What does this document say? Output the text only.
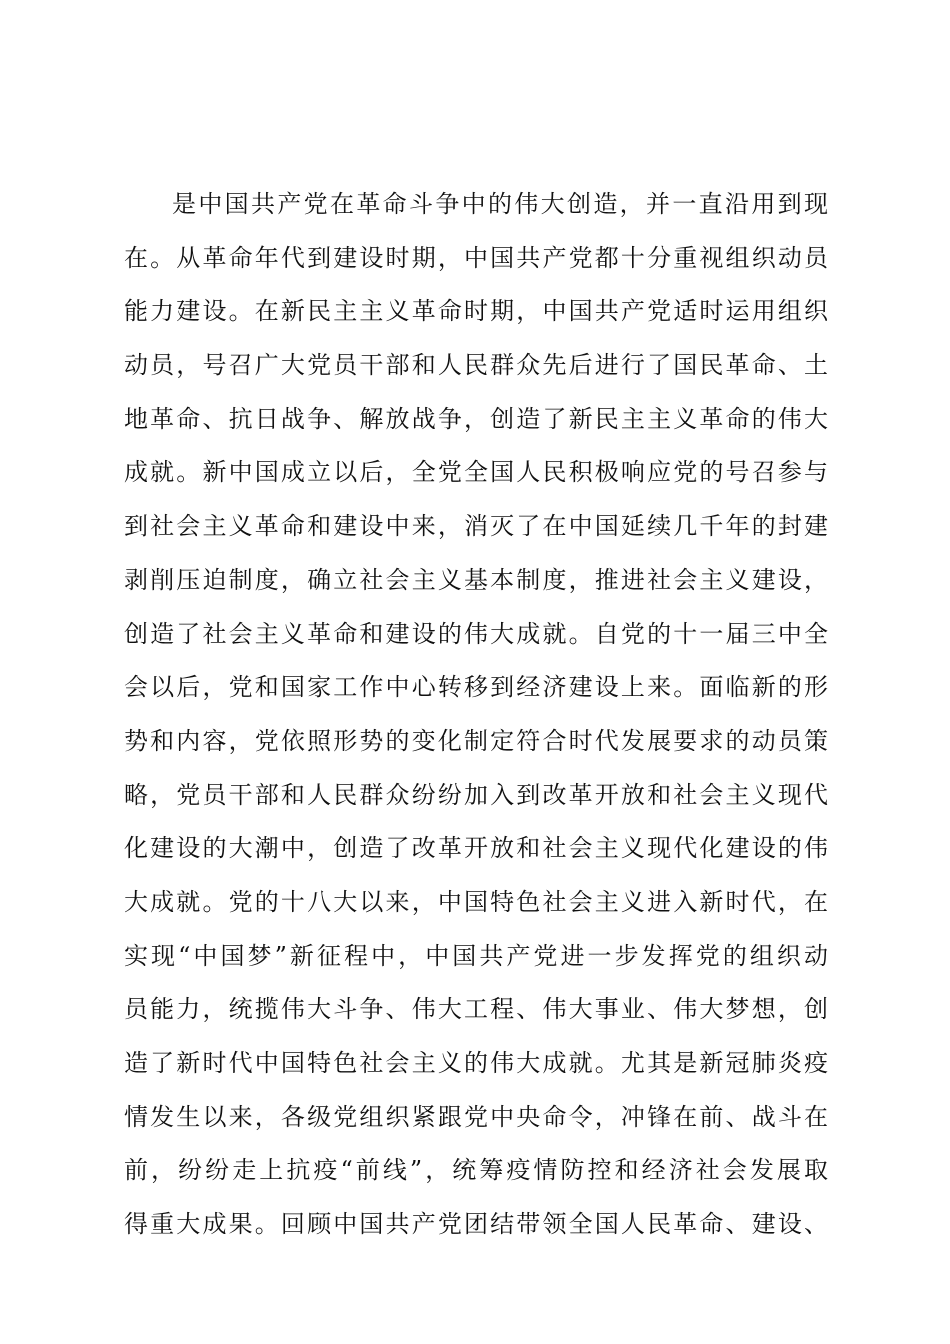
是中国共产党在革命斗争中的伟大创造，并一直沿用到现
在。从革命年代到建设时期，中国共产党都十分重视组织动员
能力建设。在新民主主义革命时期，中国共产党适时运用组织
动员，号召广大党员干部和人民群众先后进行了国民革命、土
地革命、抗日战争、解放战争，创造了新民主主义革命的伟大
成就。新中国成立以后，全党全国人民积极响应党的号召参与
到社会主义革命和建设中来，消灭了在中国延续几千年的封建
剥削压迫制度，确立社会主义基本制度，推进社会主义建设，
创造了社会主义革命和建设的伟大成就。自党的十一届三中全
会以后，党和国家工作中心转移到经济建设上来。面临新的形
势和内容，党依照形势的变化制定符合时代发展要求的动员策
略，党员干部和人民群众纷纷加入到改革开放和社会主义现代
化建设的大潮中，创造了改革开放和社会主义现代化建设的伟
大成就。党的十八大以来，中国特色社会主义进入新时代，在
实现“中国梦”新征程中，中国共产党进一步发挥党的组织动
员能力，统揽伟大斗争、伟大工程、伟大事业、伟大梦想，创
造了新时代中国特色社会主义的伟大成就。尤其是新冠肺炎疫
情发生以来，各级党组织紧跟党中央命令，冲锋在前、战斗在
前，纷纷走上抗疫“前线”，统筹疫情防控和经济社会发展取
得重大成果。回顾中国共产党团结带领全国人民革命、建设、
